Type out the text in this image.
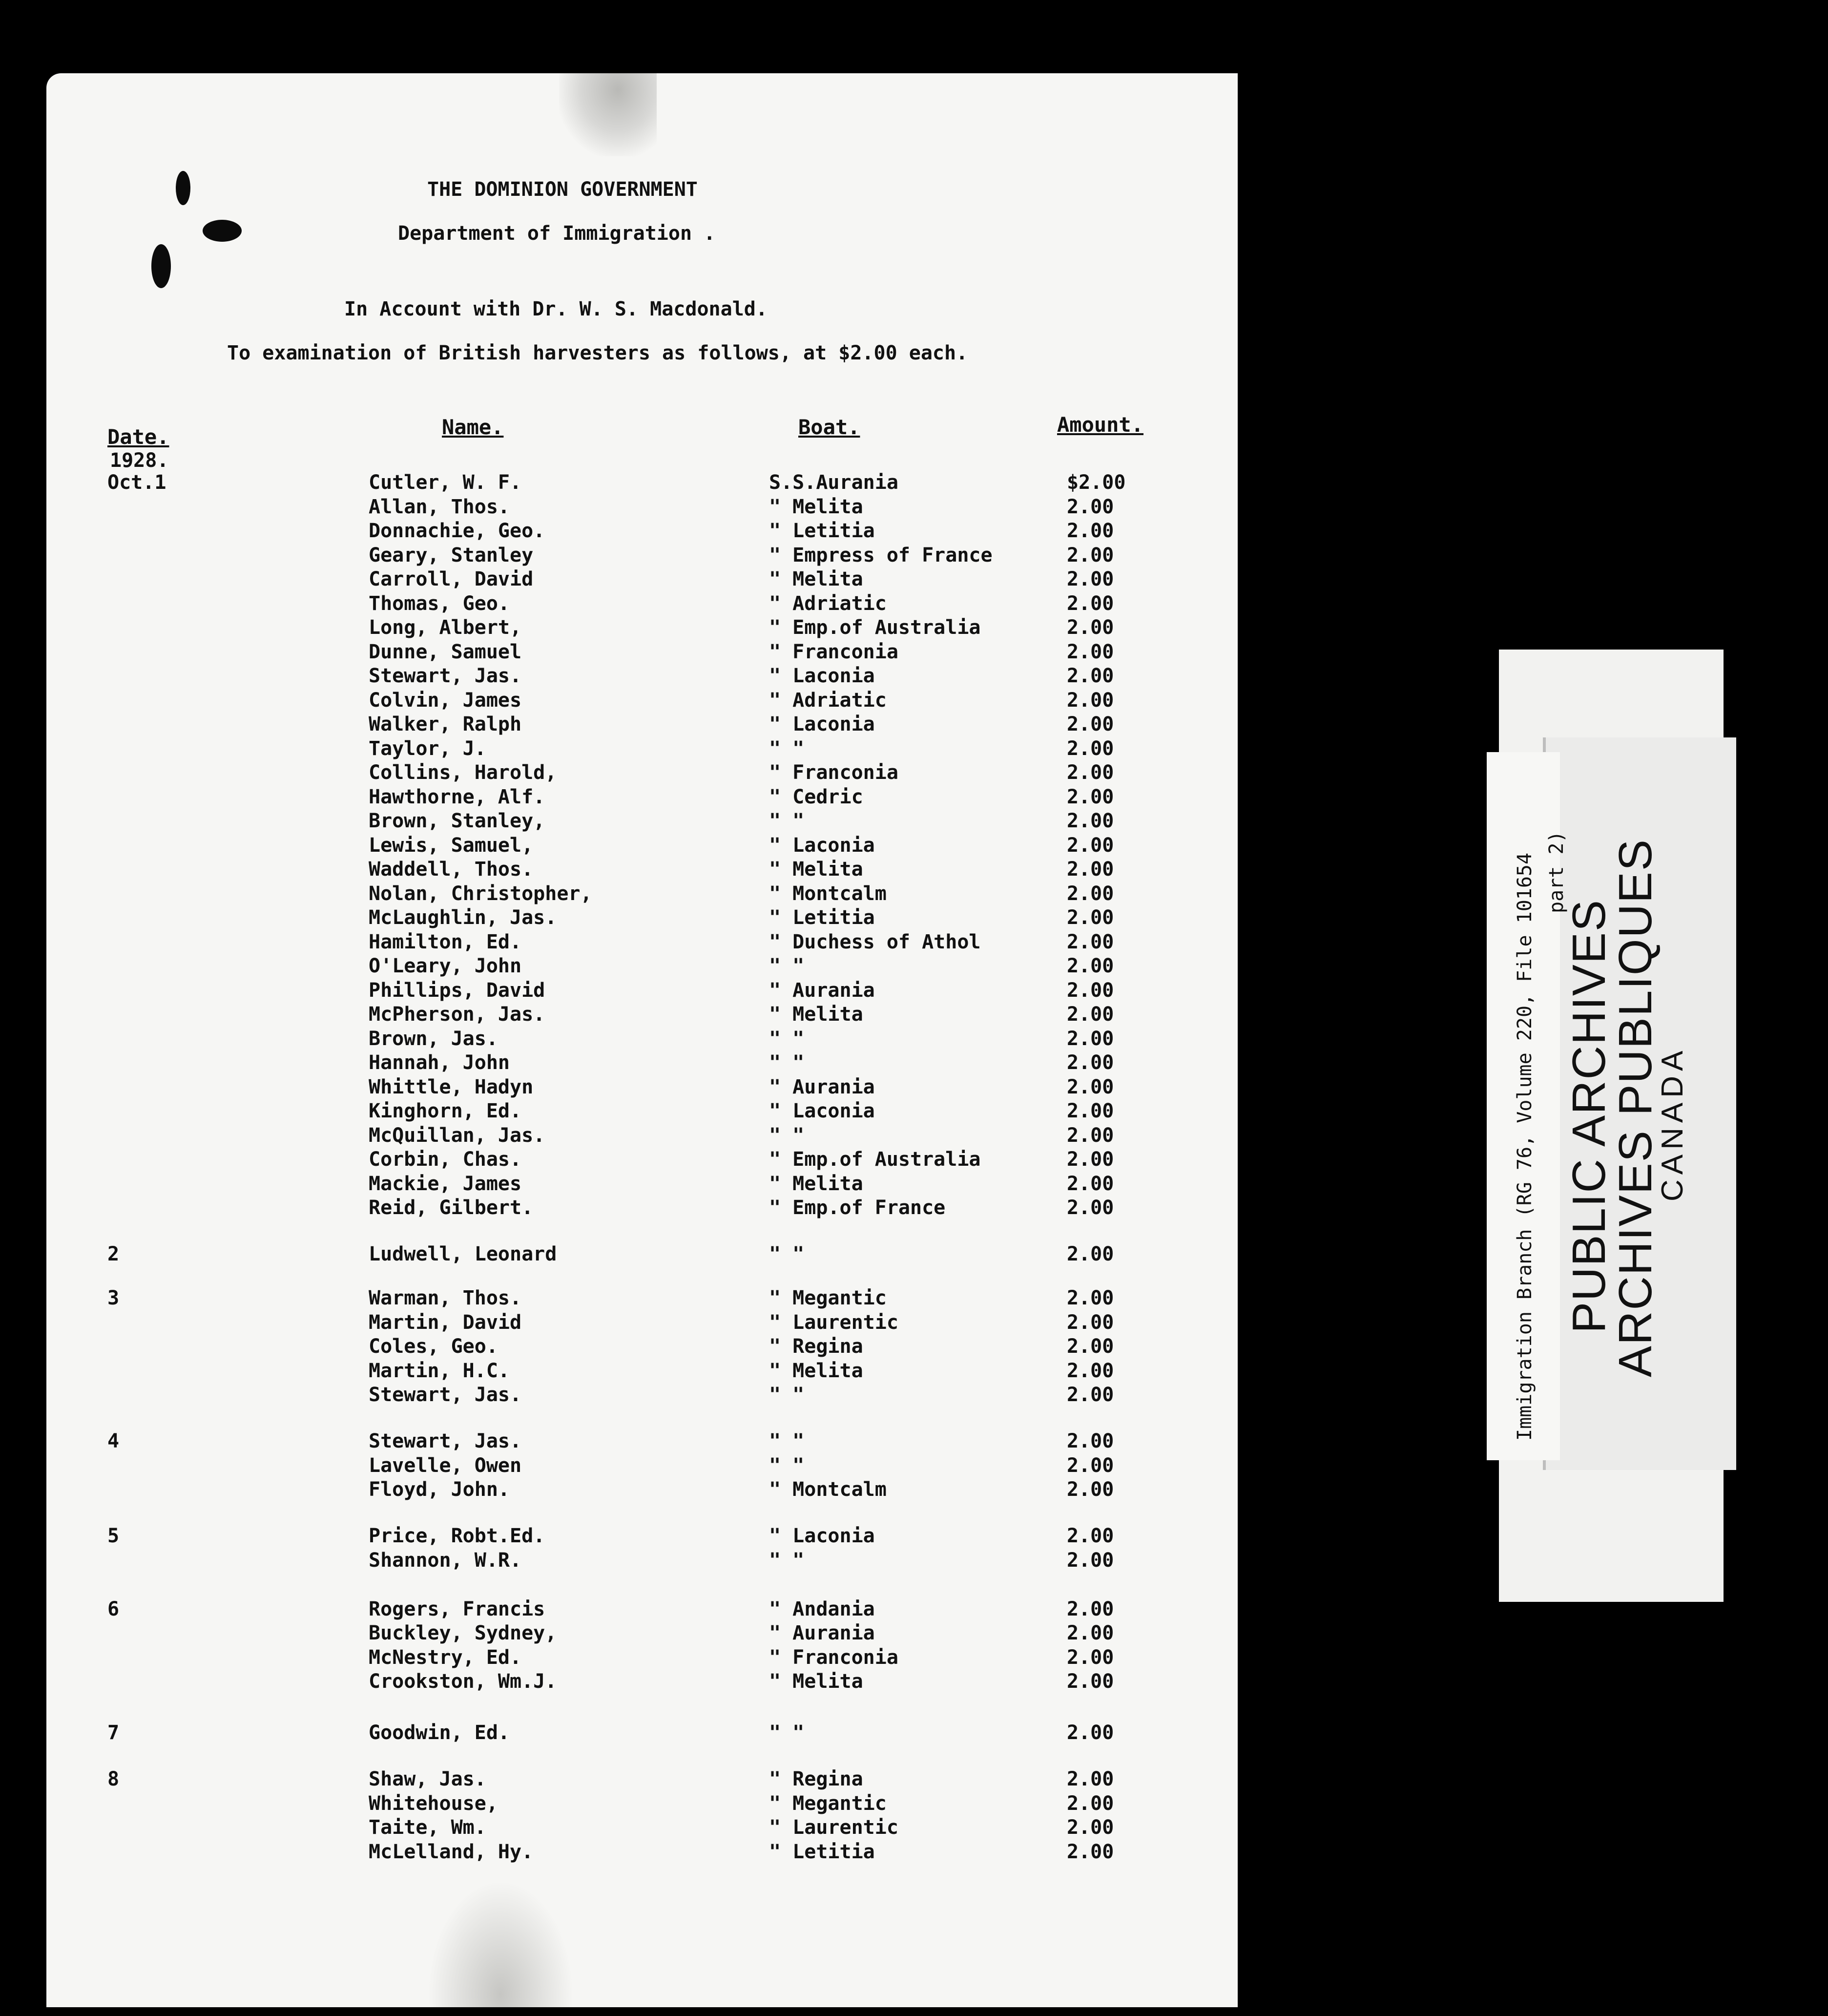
THE DOMINION GOVERNMENT
Department of Immigration .
In Account with Dr. W. S. Macdonald.
To examination of British harvesters as follows, at $2.00 each.
Date.	Name.	Boat.	Amount.
1928.
Oct.1	Cutler, W. F.	S.S.Aurania	$2.00
Allan, Thos.	" Melita	2.00
Donnachie, Geo.	" Letitia	2.00
Geary, Stanley	" Empress of France	2.00
Carroll, David	" Melita	2.00
Thomas, Geo.	" Adriatic	2.00
Long, Albert,	" Emp.of Australia	2.00
Dunne, Samuel	" Franconia	2.00
Stewart, Jas.	" Laconia	2.00
Colvin, James	" Adriatic	2.00
Walker, Ralph	" Laconia	2.00
Taylor, J.	" "	2.00
Collins, Harold,	" Franconia	2.00
Hawthorne, Alf.	" Cedric	2.00
Brown, Stanley,	" "	2.00
Lewis, Samuel,	" Laconia	2.00
Waddell, Thos.	" Melita	2.00
Nolan, Christopher,	" Montcalm	2.00
McLaughlin, Jas.	" Letitia	2.00
Hamilton, Ed.	" Duchess of Athol	2.00
O'Leary, John	" "	2.00
Phillips, David	" Aurania	2.00
McPherson, Jas.	" Melita	2.00
Brown, Jas.	" "	2.00
Hannah, John	" "	2.00
Whittle, Hadyn	" Aurania	2.00
Kinghorn, Ed.	" Laconia	2.00
McQuillan, Jas.	" "	2.00
Corbin, Chas.	" Emp.of Australia	2.00
Mackie, James	" Melita	2.00
Reid, Gilbert.	" Emp.of France	2.00
2	Ludwell, Leonard	" "	2.00
3	Warman, Thos.	" Megantic	2.00
Martin, David	" Laurentic	2.00
Coles, Geo.	" Regina	2.00
Martin, H.C.	" Melita	2.00
Stewart, Jas.	" "	2.00
4	Stewart, Jas.	" "	2.00
Lavelle, Owen	" "	2.00
Floyd, John.	" Montcalm	2.00
5	Price, Robt.Ed.	" Laconia	2.00
Shannon, W.R.	" "	2.00
6	Rogers, Francis	" Andania	2.00
Buckley, Sydney,	" Aurania	2.00
McNestry, Ed.	" Franconia	2.00
Crookston, Wm.J.	" Melita	2.00
7	Goodwin, Ed.	" "	2.00
8	Shaw, Jas.	" Regina	2.00
Whitehouse,	" Megantic	2.00
Taite, Wm.	" Laurentic	2.00
McLelland, Hy.	" Letitia	2.00
Immigration Branch (RG 76, Volume 220, File 101654 part 2)
PUBLIC ARCHIVES
ARCHIVES PUBLIQUES
CANADA
